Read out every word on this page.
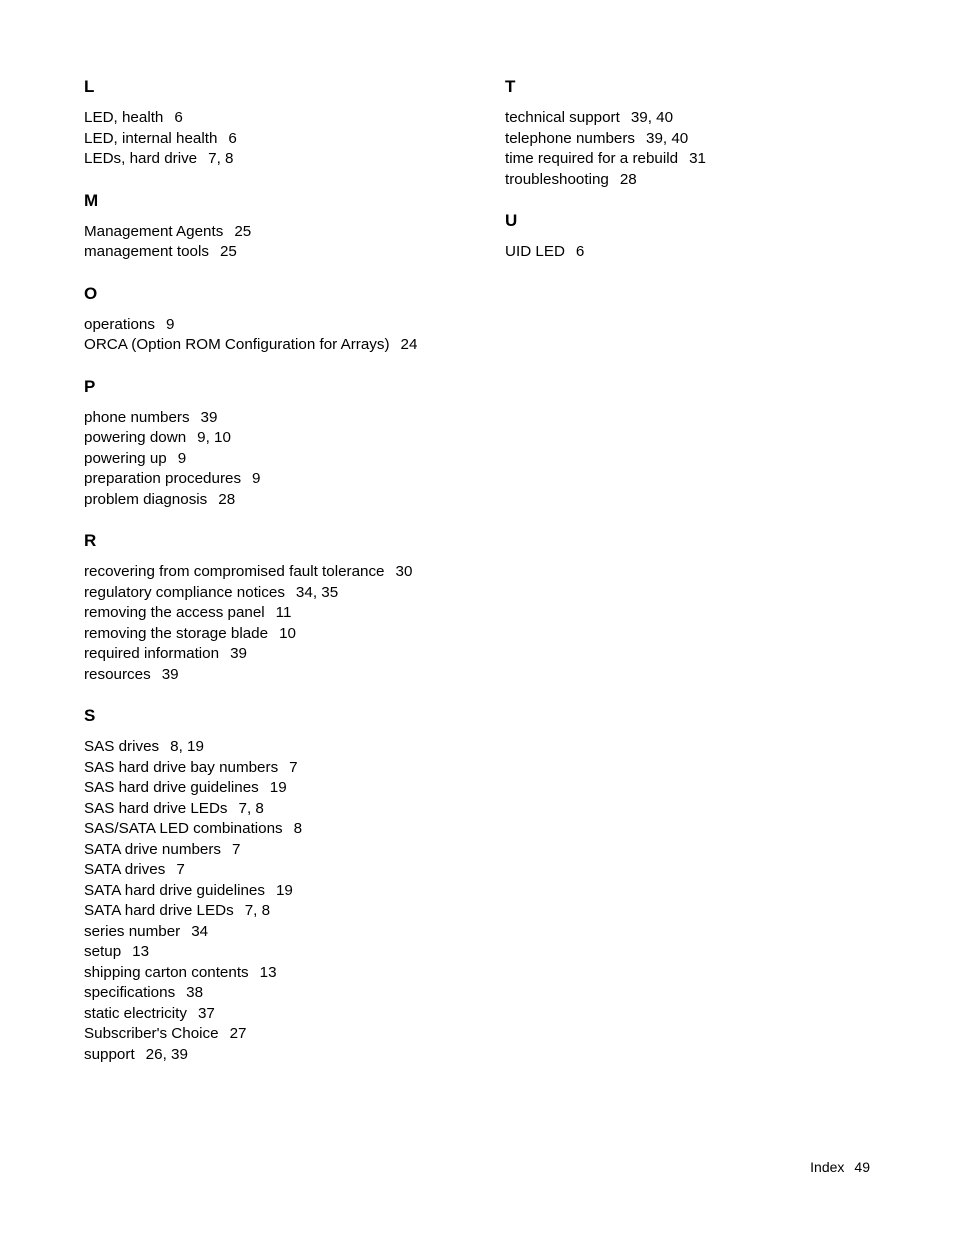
L
LED, health 6
LED, internal health 6
LEDs, hard drive 7, 8
M
Management Agents 25
management tools 25
O
operations 9
ORCA (Option ROM Configuration for Arrays) 24
P
phone numbers 39
powering down 9, 10
powering up 9
preparation procedures 9
problem diagnosis 28
R
recovering from compromised fault tolerance 30
regulatory compliance notices 34, 35
removing the access panel 11
removing the storage blade 10
required information 39
resources 39
S
SAS drives 8, 19
SAS hard drive bay numbers 7
SAS hard drive guidelines 19
SAS hard drive LEDs 7, 8
SAS/SATA LED combinations 8
SATA drive numbers 7
SATA drives 7
SATA hard drive guidelines 19
SATA hard drive LEDs 7, 8
series number 34
setup 13
shipping carton contents 13
specifications 38
static electricity 37
Subscriber's Choice 27
support 26, 39
T
technical support 39, 40
telephone numbers 39, 40
time required for a rebuild 31
troubleshooting 28
U
UID LED 6
Index 49
